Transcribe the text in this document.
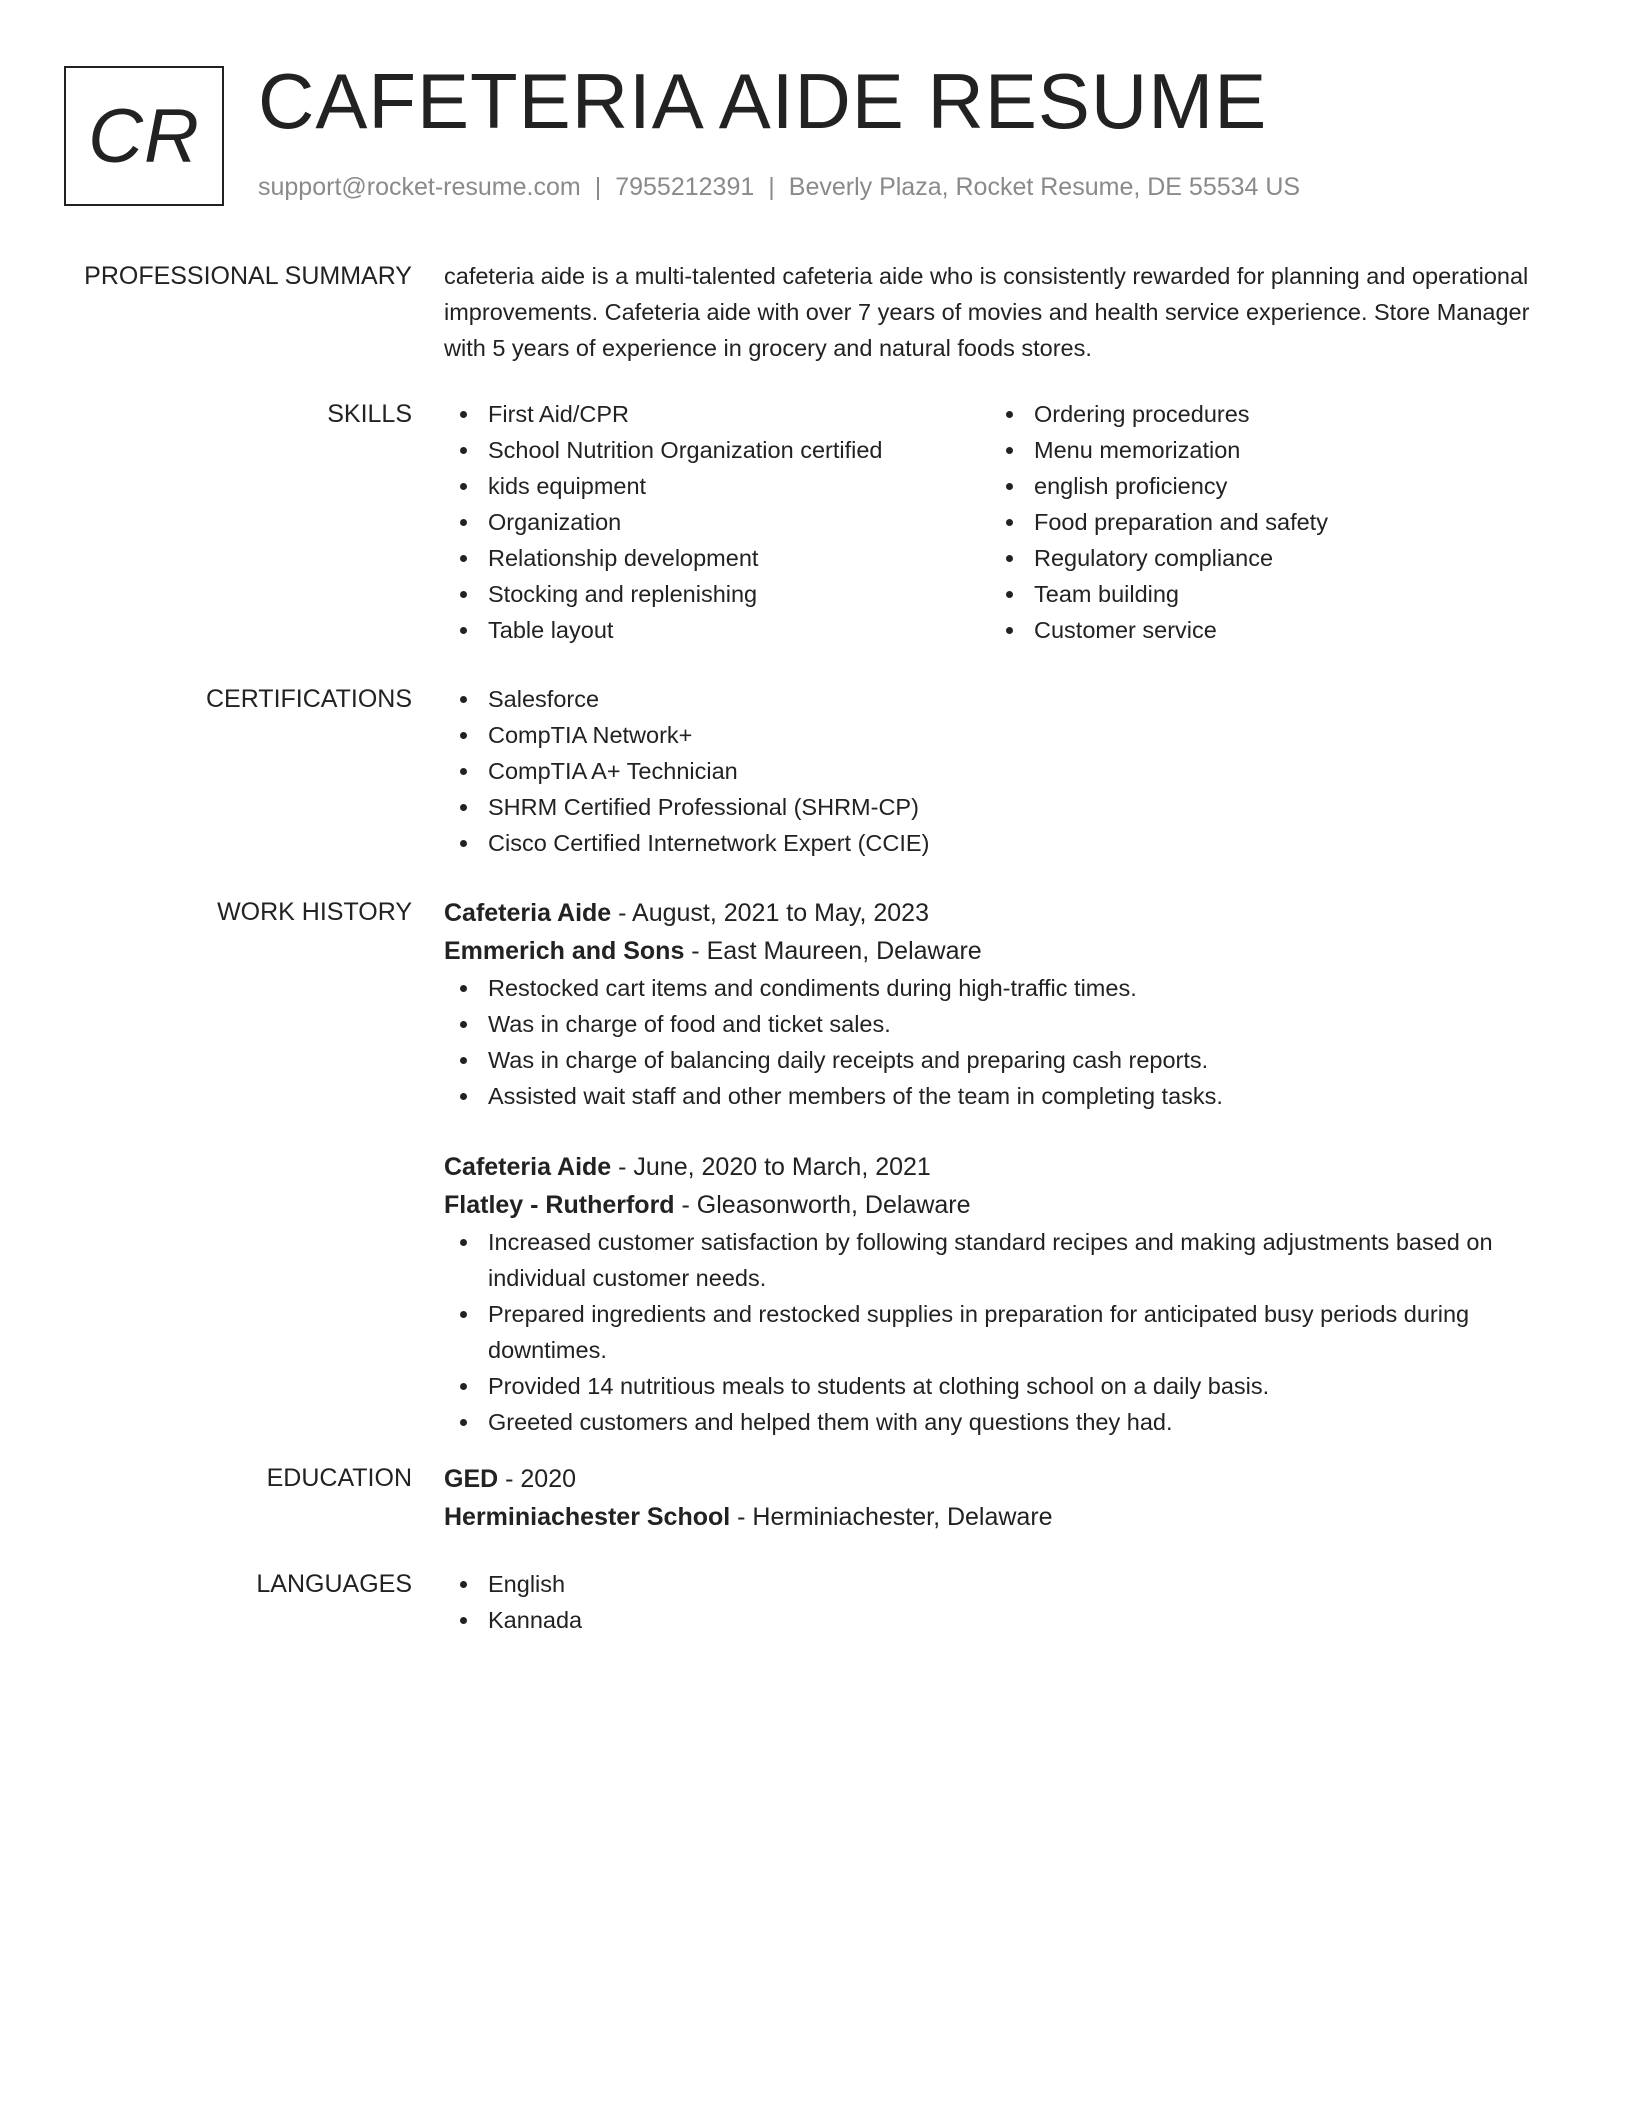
CR CAFETERIA AIDE RESUME
support@rocket-resume.com | 7955212391 | Beverly Plaza, Rocket Resume, DE 55534 US
PROFESSIONAL SUMMARY cafeteria aide is a multi-talented cafeteria aide who is consistently rewarded for planning and operational improvements. Cafeteria aide with over 7 years of movies and health service experience. Store Manager with 5 years of experience in grocery and natural foods stores.
SKILLS	First Aid/CPR
School Nutrition Organization certified
kids equipment
Organization
Relationship development
Stocking and replenishing
Table layout
Ordering procedures
Menu memorization
english proficiency
Food preparation and safety
Regulatory compliance
Team building
Customer service
CERTIFICATIONS	Salesforce
CompTIA Network+
CompTIA A+ Technician
SHRM Certified Professional (SHRM-CP)
Cisco Certified Internetwork Expert (CCIE)
WORK HISTORY Cafeteria Aide - August, 2021 to May, 2023
Emmerich and Sons - East Maureen, Delaware
Restocked cart items and condiments during high-traffic times.
Was in charge of food and ticket sales.
Was in charge of balancing daily receipts and preparing cash reports.
Assisted wait staff and other members of the team in completing tasks.
Cafeteria Aide - June, 2020 to March, 2021
Flatley - Rutherford - Gleasonworth, Delaware
Increased customer satisfaction by following standard recipes and making adjustments based on individual customer needs.
Prepared ingredients and restocked supplies in preparation for anticipated busy periods during downtimes.
Provided 14 nutritious meals to students at clothing school on a daily basis.
Greeted customers and helped them with any questions they had.
EDUCATION GED - 2020
Herminiachester School - Herminiachester, Delaware
LANGUAGES	English
Kannada
